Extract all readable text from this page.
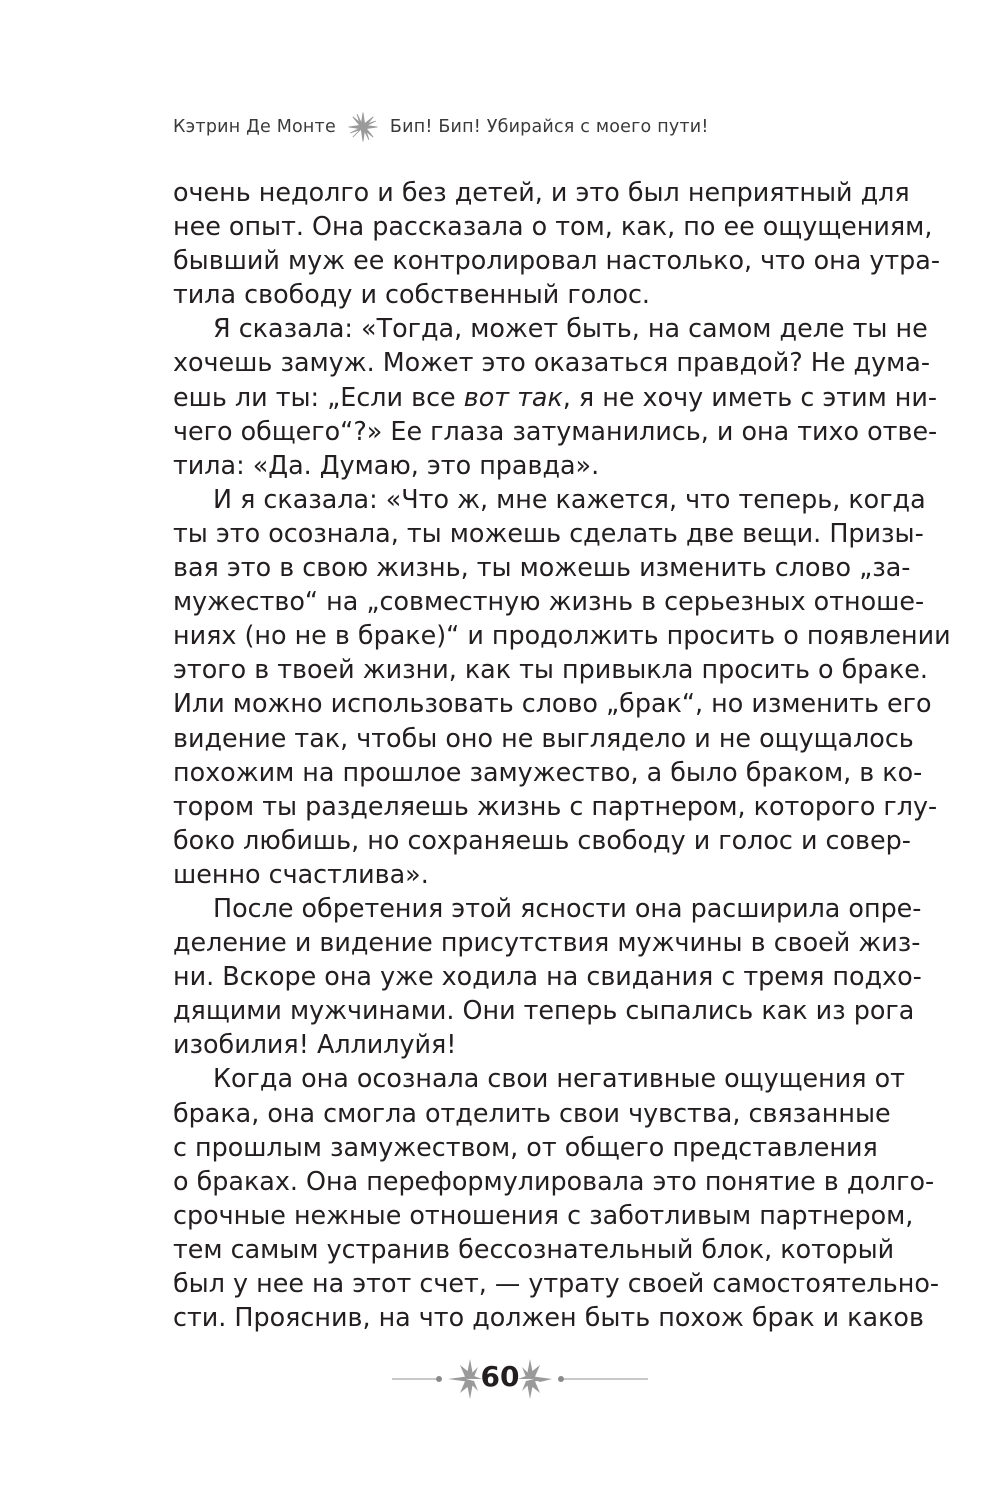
Кэтрин Де Монте	Бип! Бип! Убирайся с моего пути!
очень недолго и без детей, и это был неприятный для
нее опыт. Она рассказала о том, как, по ее ощущениям,
бывший муж ее контролировал настолько, что она утра-
тила свободу и собственный голос.
Я сказала: «Тогда, может быть, на самом деле ты не
хочешь замуж. Может это оказаться правдой? Не дума-
ешь ли ты: „Если все вот так, я не хочу иметь с этим ни-
чего общего“?» Ее глаза затуманились, и она тихо отве-
тила: «Да. Думаю, это правда».
И я сказала: «Что ж, мне кажется, что теперь, когда
ты это осознала, ты можешь сделать две вещи. Призы-
вая это в свою жизнь, ты можешь изменить слово „за-
мужество“ на „совместную жизнь в серьезных отноше-
ниях (но не в браке)“ и продолжить просить о появлении
этого в твоей жизни, как ты привыкла просить о браке.
Или можно использовать слово „брак“, но изменить его
видение так, чтобы оно не выглядело и не ощущалось
похожим на прошлое замужество, а было браком, в ко-
тором ты разделяешь жизнь с партнером, которого глу-
боко любишь, но сохраняешь свободу и голос и совер-
шенно счастлива».
После обретения этой ясности она расширила опре-
деление и видение присутствия мужчины в своей жиз-
ни. Вскоре она уже ходила на свидания с тремя подхо-
дящими мужчинами. Они теперь сыпались как из рога
изобилия! Аллилуйя!
Когда она осознала свои негативные ощущения от
брака, она смогла отделить свои чувства, связанные
с прошлым замужеством, от общего представления
о браках. Она переформулировала это понятие в долго-
срочные нежные отношения с заботливым партнером,
тем самым устранив бессознательный блок, который
был у нее на этот счет, — утрату своей самостоятельно-
сти. Прояснив, на что должен быть похож брак и каков
60
